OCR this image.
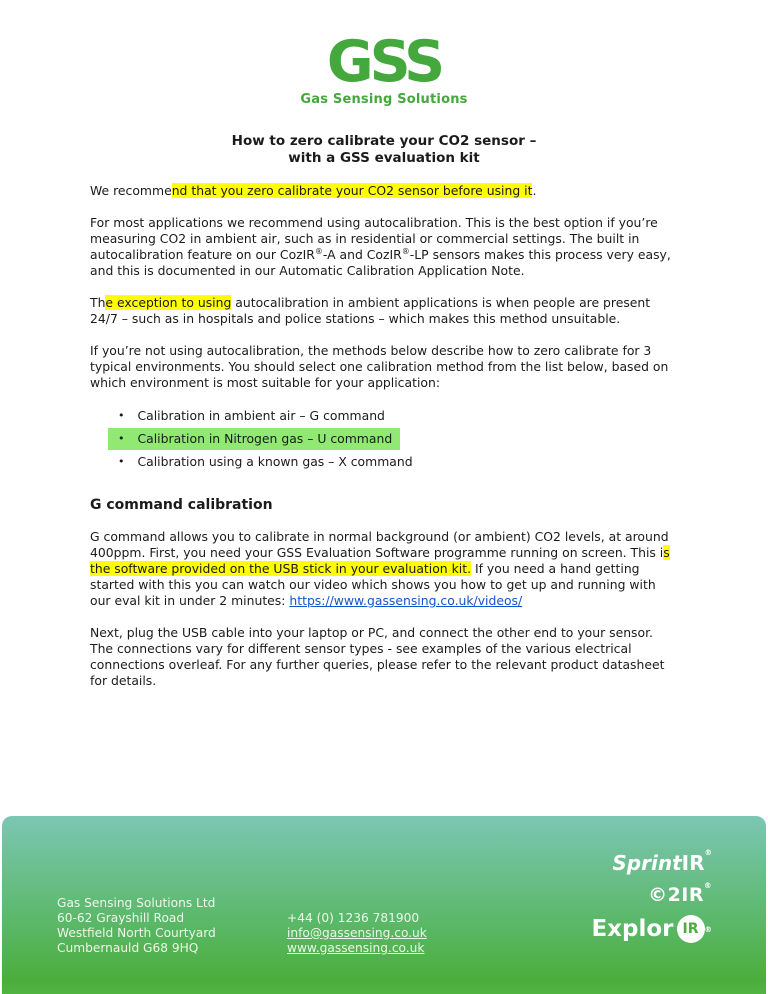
GSS
Gas Sensing Solutions
How to zero calibrate your CO2 sensor –
with a GSS evaluation kit

We recommend that you zero calibrate your CO2 sensor before using it.

For most applications we recommend using autocalibration. This is the best option if you’re measuring CO2 in ambient air, such as in residential or commercial settings. The built in autocalibration feature on our CozIR®-A and CozIR®-LP sensors makes this process very easy, and this is documented in our Automatic Calibration Application Note.

The exception to using autocalibration in ambient applications is when people are present 24/7 – such as in hospitals and police stations – which makes this method unsuitable.

If you’re not using autocalibration, the methods below describe how to zero calibrate for 3 typical environments. You should select one calibration method from the list below, based on which environment is most suitable for your application:

• Calibration in ambient air – G command
• Calibration in Nitrogen gas – U command
• Calibration using a known gas – X command
G command calibration

G command allows you to calibrate in normal background (or ambient) CO2 levels, at around 400ppm. First, you need your GSS Evaluation Software programme running on screen. This is the software provided on the USB stick in your evaluation kit. If you need a hand getting started with this you can watch our video which shows you how to get up and running with our eval kit in under 2 minutes: https://www.gassensing.co.uk/videos/

Next, plug the USB cable into your laptop or PC, and connect the other end to your sensor. The connections vary for different sensor types - see examples of the various electrical connections overleaf. For any further queries, please refer to the relevant product datasheet for details.

Gas Sensing Solutions Ltd
60-62 Grayshill Road
Westfield North Courtyard
Cumbernauld G68 9HQ
+44 (0) 1236 781900
info@gassensing.co.uk
www.gassensing.co.uk
SprintIR®
©2IR®
Explor IR ®
